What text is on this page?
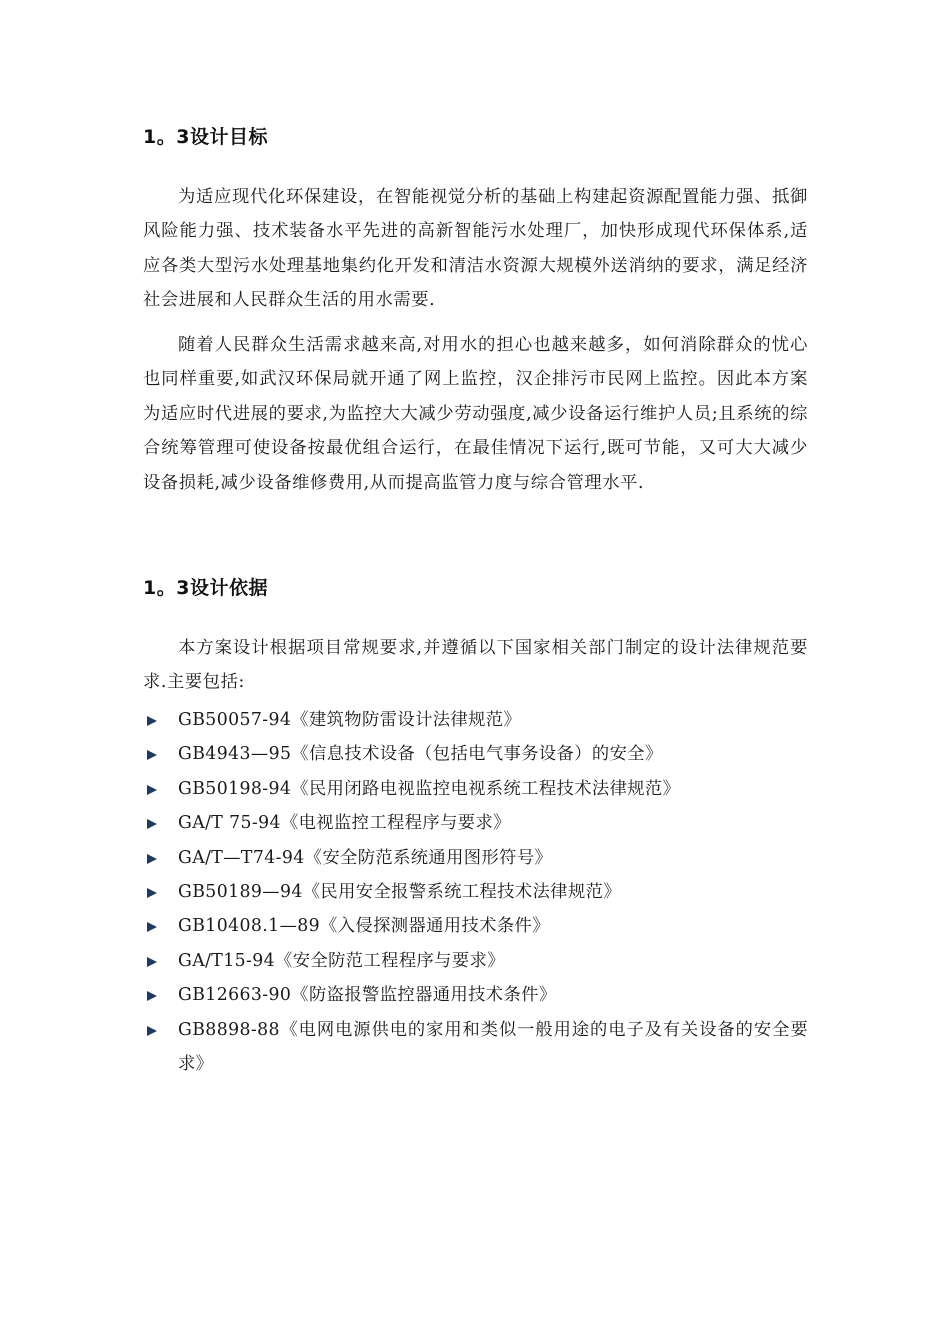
1。3设计目标

为适应现代化环保建设，在智能视觉分析的基础上构建起资源配置能力强、抵御风险能力强、技术装备水平先进的高新智能污水处理厂，加快形成现代环保体系,适应各类大型污水处理基地集约化开发和清洁水资源大规模外送消纳的要求，满足经济社会进展和人民群众生活的用水需要.

随着人民群众生活需求越来高,对用水的担心也越来越多，如何消除群众的忧心也同样重要,如武汉环保局就开通了网上监控，汉企排污市民网上监控。因此本方案为适应时代进展的要求,为监控大大减少劳动强度,减少设备运行维护人员;且系统的综合统筹管理可使设备按最优组合运行，在最佳情况下运行,既可节能，又可大大减少设备损耗,减少设备维修费用,从而提高监管力度与综合管理水平.

1。3设计依据

本方案设计根据项目常规要求,并遵循以下国家相关部门制定的设计法律规范要求.主要包括:

GB50057-94《建筑物防雷设计法律规范》
GB4943—95《信息技术设备（包括电气事务设备）的安全》
GB50198-94《民用闭路电视监控电视系统工程技术法律规范》
GA/T 75-94《电视监控工程程序与要求》
GA/T—T74-94《安全防范系统通用图形符号》
GB50189—94《民用安全报警系统工程技术法律规范》
GB10408.1—89《入侵探测器通用技术条件》
GA/T15-94《安全防范工程程序与要求》
GB12663-90《防盗报警监控器通用技术条件》
GB8898-88《电网电源供电的家用和类似一般用途的电子及有关设备的安全要求》
